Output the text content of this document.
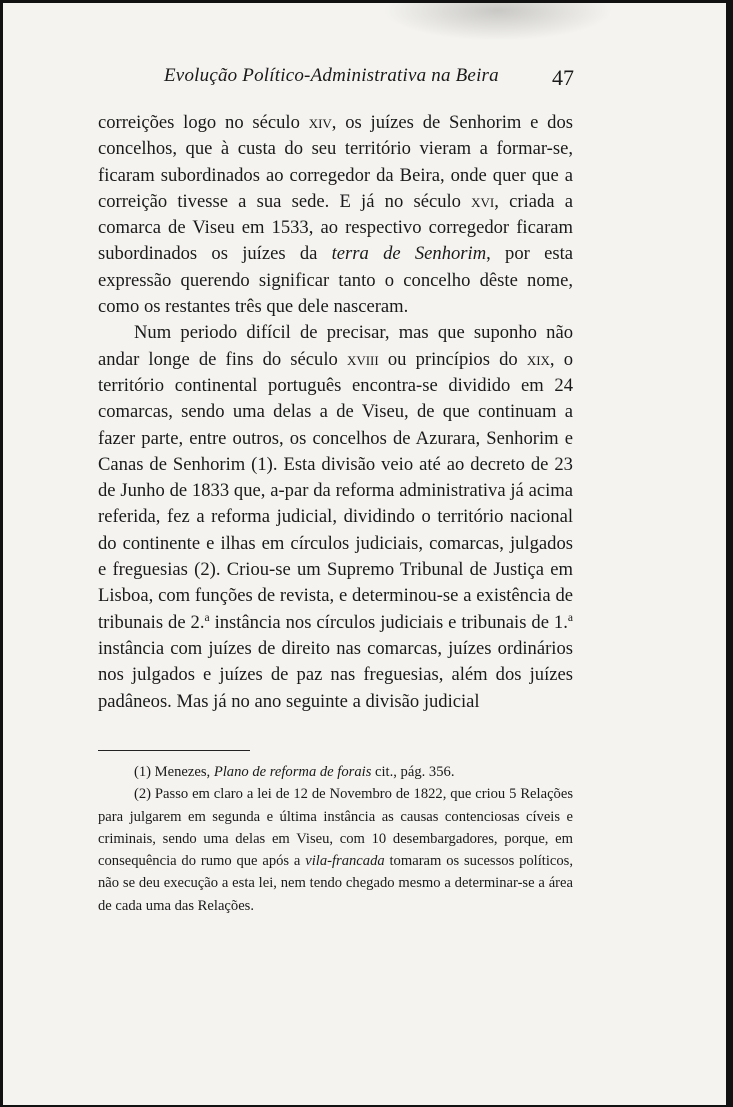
Evolução Político-Administrativa na Beira 47

correições logo no século xiv, os juízes de Senhorim e dos concelhos, que à custa do seu território vieram a formar-se, ficaram subordinados ao corregedor da Beira, onde quer que a correição tivesse a sua sede. E já no século xvi, criada a comarca de Viseu em 1533, ao respectivo corregedor ficaram subordinados os juízes da terra de Senhorim, por esta expressão querendo significar tanto o concelho dêste nome, como os restantes três que dele nasceram.

Num periodo difícil de precisar, mas que suponho não andar longe de fins do século xviii ou princípios do xix, o território continental português encontra-se dividido em 24 comarcas, sendo uma delas a de Viseu, de que continuam a fazer parte, entre outros, os concelhos de Azurara, Senhorim e Canas de Senhorim (1). Esta divisão veio até ao decreto de 23 de Junho de 1833 que, a-par da reforma administrativa já acima referida, fez a reforma judicial, dividindo o território nacional do continente e ilhas em círculos judiciais, comarcas, julgados e freguesias (2). Criou-se um Supremo Tribunal de Justiça em Lisboa, com funções de revista, e determinou-se a existência de tribunais de 2.$^a$ instância nos círculos judiciais e tribunais de 1.$^a$ instância com juízes de direito nas comarcas, juízes ordinários nos julgados e juízes de paz nas freguesias, além dos juízes padâneos. Mas já no ano seguinte a divisão judicial

(1) Menezes, Plano de reforma de forais cit., pág. 356.

(2) Passo em claro a lei de 12 de Novembro de 1822, que criou 5 Relações para julgarem em segunda e última instância as causas contenciosas cíveis e criminais, sendo uma delas em Viseu, com 10 desembargadores, porque, em consequência do rumo que após a vila-francada tomaram os sucessos políticos, não se deu execução a esta lei, nem tendo chegado mesmo a determinar-se a área de cada uma das Relações.
